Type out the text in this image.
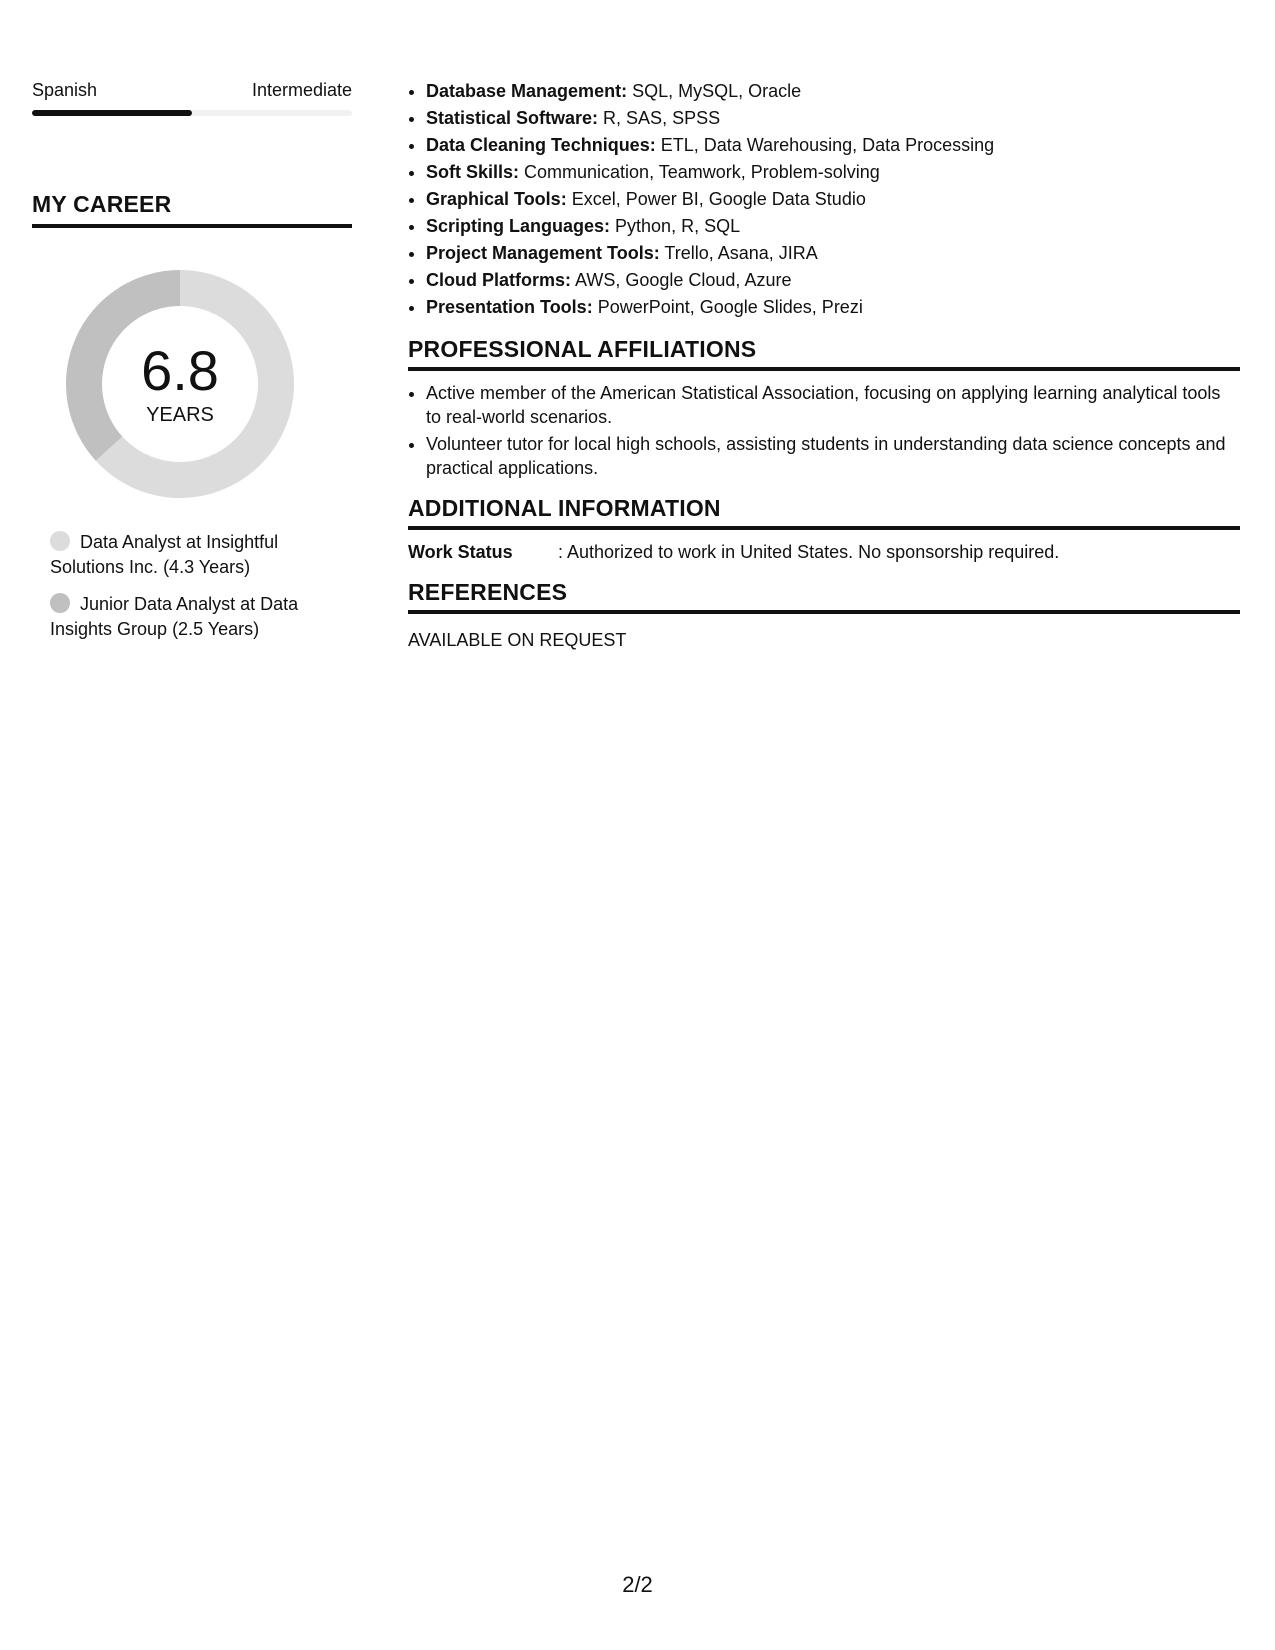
Spanish	Intermediate
MY CAREER
6.8
YEARS
Data Analyst at Insightful Solutions Inc. (4.3 Years)
Junior Data Analyst at Data Insights Group (2.5 Years)
• Database Management: SQL, MySQL, Oracle
• Statistical Software: R, SAS, SPSS
• Data Cleaning Techniques: ETL, Data Warehousing, Data Processing
• Soft Skills: Communication, Teamwork, Problem-solving
• Graphical Tools: Excel, Power BI, Google Data Studio
• Scripting Languages: Python, R, SQL
• Project Management Tools: Trello, Asana, JIRA
• Cloud Platforms: AWS, Google Cloud, Azure
• Presentation Tools: PowerPoint, Google Slides, Prezi
PROFESSIONAL AFFILIATIONS
• Active member of the American Statistical Association, focusing on applying learning analytical tools to real-world scenarios.
• Volunteer tutor for local high schools, assisting students in understanding data science concepts and practical applications.
ADDITIONAL INFORMATION
Work Status	: Authorized to work in United States. No sponsorship required.
REFERENCES
AVAILABLE ON REQUEST
2/2
